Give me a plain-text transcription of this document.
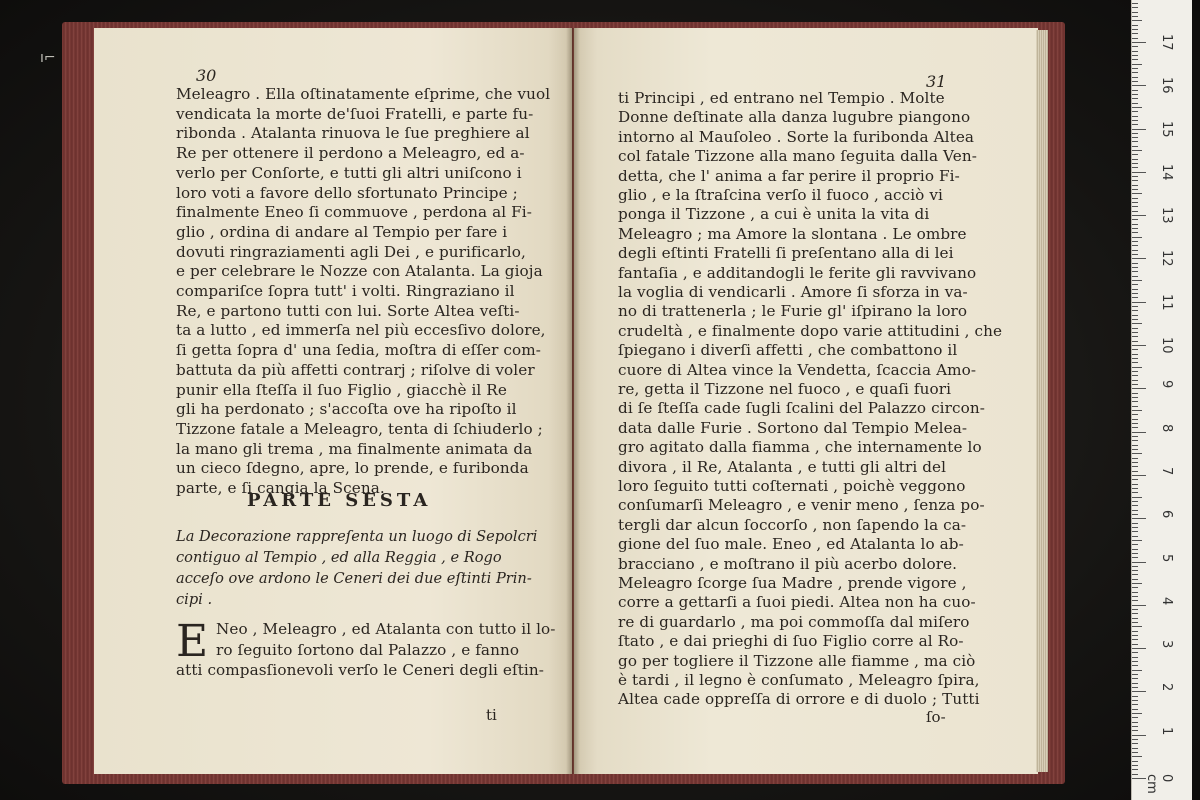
ı⌐
30
Meleagro . Ella oſtinatamente eſprime, che vuol
vendicata la morte de'ſuoi Fratelli, e parte fu-
ribonda . Atalanta rinuova le ſue preghiere al
Re per ottenere il perdono a Meleagro, ed a-
verlo per Conſorte, e tutti gli altri uniſcono i
loro voti a favore dello sfortunato Principe ;
finalmente Eneo ſi commuove , perdona al Fi-
glio , ordina di andare al Tempio per fare i
dovuti ringraziamenti agli Dei , e purificarlo,
e per celebrare le Nozze con Atalanta. La gioja
compariſce ſopra tutt' i volti. Ringraziano il
Re, e partono tutti con lui. Sorte Altea veſti-
ta a lutto , ed immerſa nel più eccesſivo dolore,
ſi getta ſopra d' una ſedia, moſtra di eſſer com-
battuta da più affetti contrarj ; riſolve di voler
punir ella ſteſſa il ſuo Figlio , giacchè il Re
gli ha perdonato ; s'accoſta ove ha ripoſto il
Tizzone fatale a Meleagro, tenta di ſchiuderlo ;
la mano gli trema , ma finalmente animata da
un cieco ſdegno, apre, lo prende, e furibonda
parte, e ſi cangia la Scena.
PARTE SESTA
La Decorazione rappreſenta un luogo di Sepolcri
contiguo al Tempio , ed alla Reggia , e Rogo
acceſo ove ardono le Ceneri dei due eſtinti Prin-
cipi .
E Neo , Meleagro , ed Atalanta con tutto il lo-
ro ſeguito ſortono dal Palazzo , e fanno
atti compasſionevoli verſo le Ceneri degli eſtin-
ti
31
ti Principi , ed entrano nel Tempio . Molte
Donne deſtinate alla danza lugubre piangono
intorno al Mauſoleo . Sorte la furibonda Altea
col fatale Tizzone alla mano ſeguita dalla Ven-
detta, che l' anima a far perire il proprio Fi-
glio , e la ſtraſcina verſo il fuoco , acciò vi
ponga il Tizzone , a cui è unita la vita di
Meleagro ; ma Amore la slontana . Le ombre
degli eſtinti Fratelli ſi preſentano alla di lei
fantaſia , e additandogli le ferite gli ravvivano
la voglia di vendicarli . Amore ſi sforza in va-
no di trattenerla ; le Furie gl' iſpirano la loro
crudeltà , e finalmente dopo varie attitudini , che
ſpiegano i diverſi affetti , che combattono il
cuore di Altea vince la Vendetta, ſcaccia Amo-
re, getta il Tizzone nel fuoco , e quaſi fuori
di ſe ſteſſa cade ſugli ſcalini del Palazzo circon-
data dalle Furie . Sortono dal Tempio Melea-
gro agitato dalla fiamma , che internamente lo
divora , il Re, Atalanta , e tutti gli altri del
loro ſeguito tutti coſternati , poichè veggono
conſumarſi Meleagro , e venir meno , ſenza po-
tergli dar alcun ſoccorſo , non ſapendo la ca-
gione del ſuo male. Eneo , ed Atalanta lo ab-
bracciano , e moſtrano il più acerbo dolore.
Meleagro ſcorge ſua Madre , prende vigore ,
corre a gettarſi a ſuoi piedi. Altea non ha cuo-
re di guardarlo , ma poi commoſſa dal miſero
ſtato , e dai prieghi di ſuo Figlio corre al Ro-
go per togliere il Tizzone alle fiamme , ma ciò
è tardi , il legno è conſumato , Meleagro ſpira,
Altea cade oppreſſa di orrore e di duolo ; Tutti
ſo-
17
16
15
14
13
12
11
10
9
8
7
6
5
4
3
2
1
0 cm
